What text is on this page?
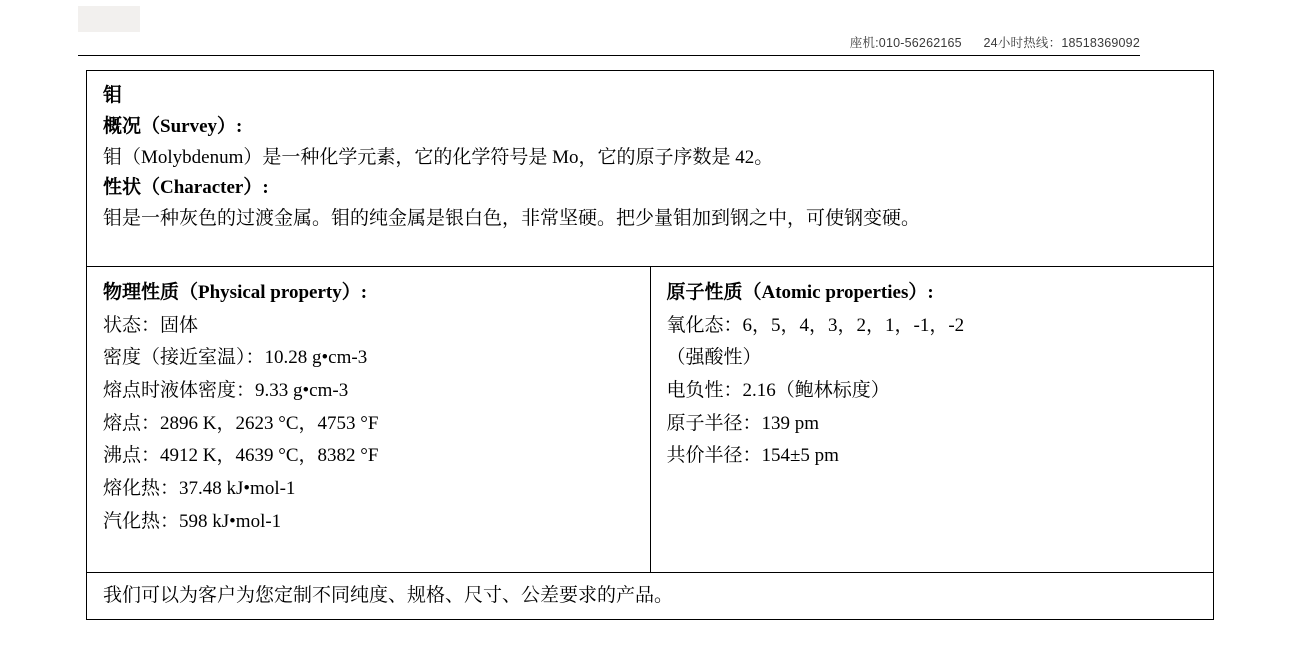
座机:010-56262165 24小时热线：18518369092
钼
概况（Survey）:
钼（Molybdenum）是一种化学元素，它的化学符号是 Mo，它的原子序数是 42。
性状（Character）:
钼是一种灰色的过渡金属。钼的纯金属是银白色，非常坚硬。把少量钼加到钢之中，可使钢变硬。

物理性质（Physical property）:
状态：固体
密度（接近室温）：10.28 g•cm-3
熔点时液体密度：9.33 g•cm-3
熔点：2896 K，2623 °C，4753 °F
沸点：4912 K，4639 °C，8382 °F
熔化热：37.48 kJ•mol-1
汽化热：598 kJ•mol-1

原子性质（Atomic properties）:
氧化态：6，5，4，3，2，1，-1，-2
（强酸性）
电负性：2.16（鲍林标度）
原子半径：139 pm
共价半径：154±5 pm

我们可以为客户为您定制不同纯度、规格、尺寸、公差要求的产品。
